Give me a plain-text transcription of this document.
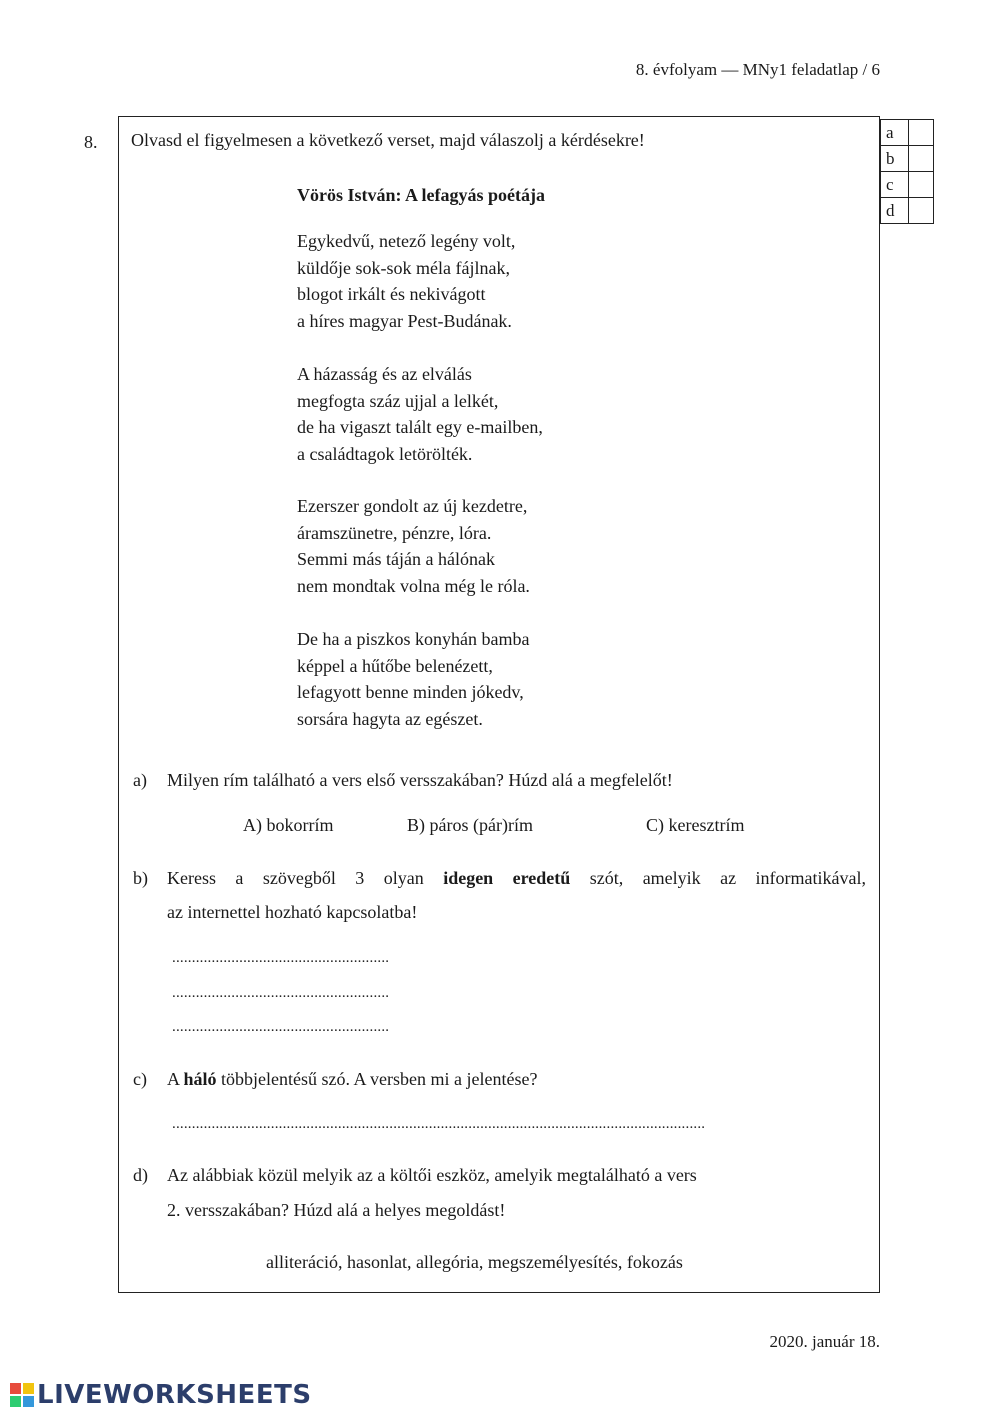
8. évfolyam — MNy1 feladatlap / 6
8.	a	
b	
c	
d	
Olvasd el figyelmesen a következő verset, majd válaszolj a kérdésekre!
Vörös István: A lefagyás poétája
Egykedvű, netező legény volt,
küldője sok-sok méla fájlnak,
blogot irkált és nekivágott
a híres magyar Pest-Budának.
A házasság és az elválás
megfogta száz ujjal a lelkét,
de ha vigaszt talált egy e-mailben,
a családtagok letörölték.
Ezerszer gondolt az új kezdetre,
áramszünetre, pénzre, lóra.
Semmi más táján a hálónak
nem mondtak volna még le róla.
De ha a piszkos konyhán bamba
képpel a hűtőbe belenézett,
lefagyott benne minden jókedv,
sorsára hagyta az egészet.
a) Milyen rím található a vers első versszakában? Húzd alá a megfelelőt!
A) bokorrím	B) páros (pár)rím	C) keresztrím
b) Keress a szövegből 3 olyan idegen eredetű szót, amelyik az informatikával,
az internettel hozható kapcsolatba!
.......................................................
.......................................................
.......................................................
c) A háló többjelentésű szó. A versben mi a jelentése?
.......................................................................................................................................
d) Az alábbiak közül melyik az a költői eszköz, amelyik megtalálható a vers
2. versszakában? Húzd alá a helyes megoldást!
alliteráció, hasonlat, allegória, megszemélyesítés, fokozás
2020. január 18.
LIVEWORKSHEETS
